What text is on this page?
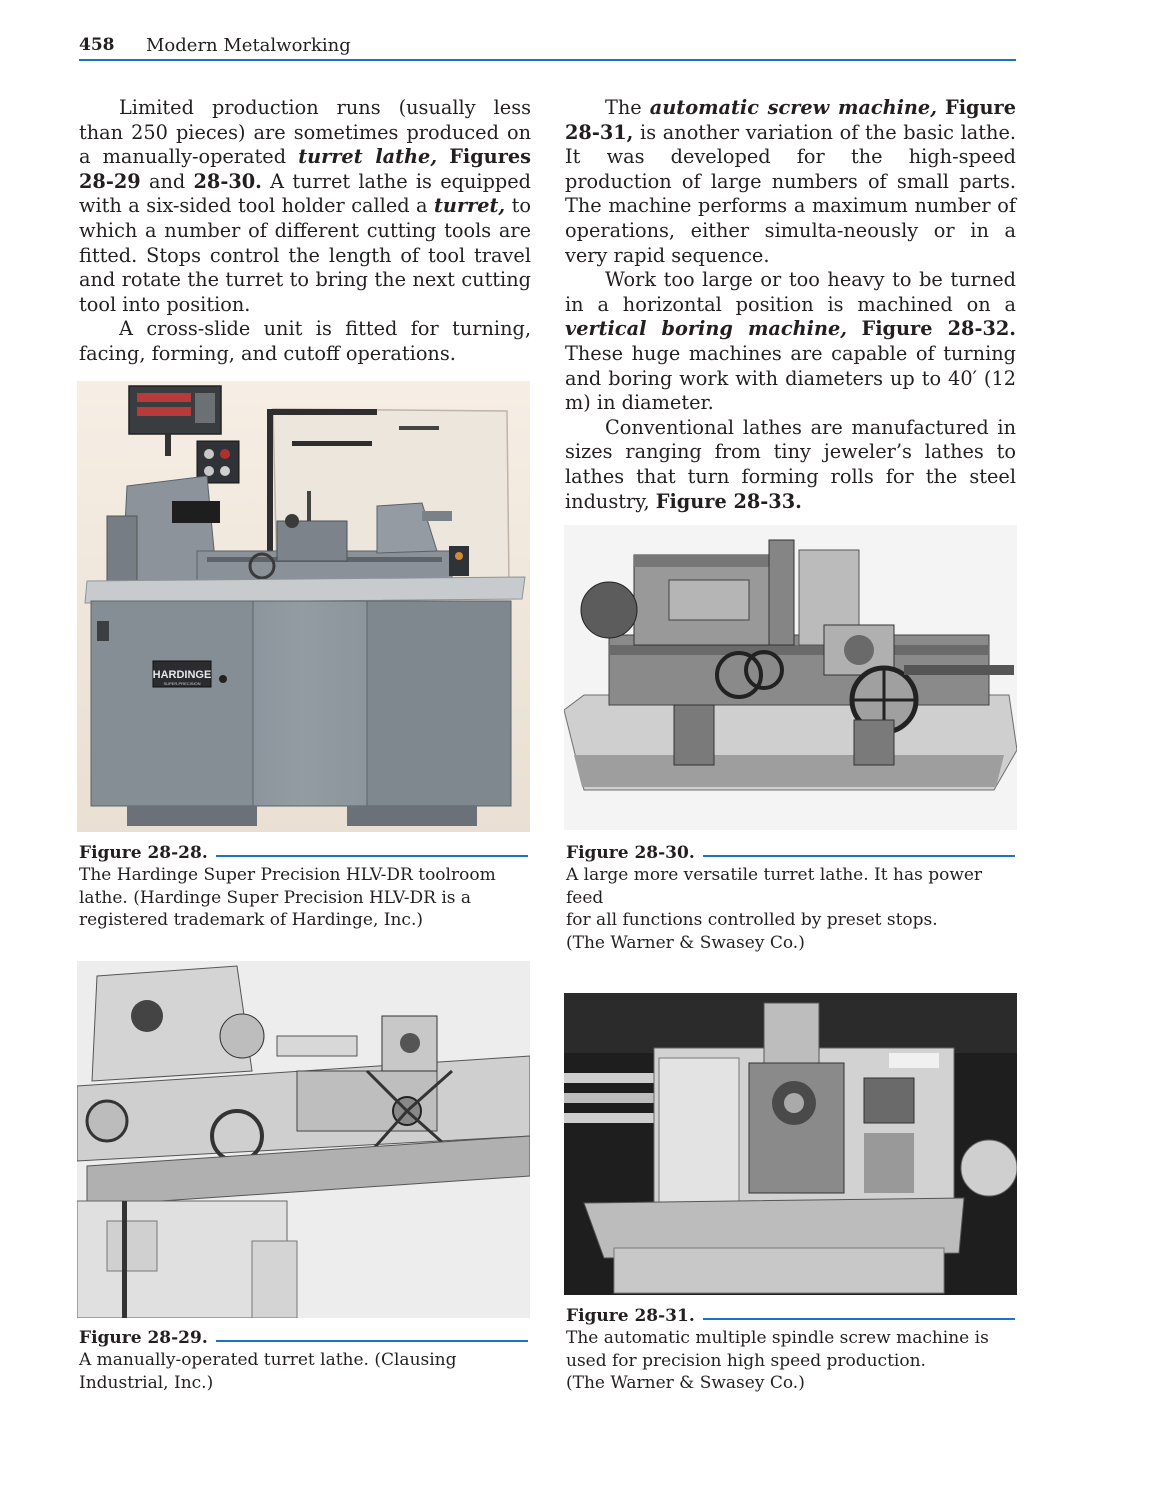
458 Modern Metalworking

Limited production runs (usually less than 250 pieces) are sometimes produced on a manually-operated turret lathe, Figures 28-29 and 28-30. A turret lathe is equipped with a six-sided tool holder called a turret, to which a number of different cutting tools are fitted. Stops control the length of tool travel and rotate the turret to bring the next cutting tool into position.

A cross-slide unit is fitted for turning, facing, forming, and cutoff operations.

The automatic screw machine, Figure 28-31, is another variation of the basic lathe. It was developed for the high-speed production of large numbers of small parts. The machine performs a maximum number of operations, either simulta-neously or in a very rapid sequence.

Work too large or too heavy to be turned in a horizontal position is machined on a vertical boring machine, Figure 28-32. These huge machines are capable of turning and boring work with diameters up to 40′ (12 m) in diameter.

Conventional lathes are manufactured in sizes ranging from tiny jeweler’s lathes to lathes that turn forming rolls for the steel industry, Figure 28-33.

HARDINGE
SUPER-PRECISION
Figure 28-28.
The Hardinge Super Precision HLV-DR toolroom
lathe. (Hardinge Super Precision HLV-DR is a
registered trademark of Hardinge, Inc.)
Figure 28-30.
A large more versatile turret lathe. It has power feed
for all functions controlled by preset stops.
(The Warner & Swasey Co.)
Figure 28-29.
A manually-operated turret lathe. (Clausing
Industrial, Inc.)
Figure 28-31.
The automatic multiple spindle screw machine is
used for precision high speed production.
(The Warner & Swasey Co.)
